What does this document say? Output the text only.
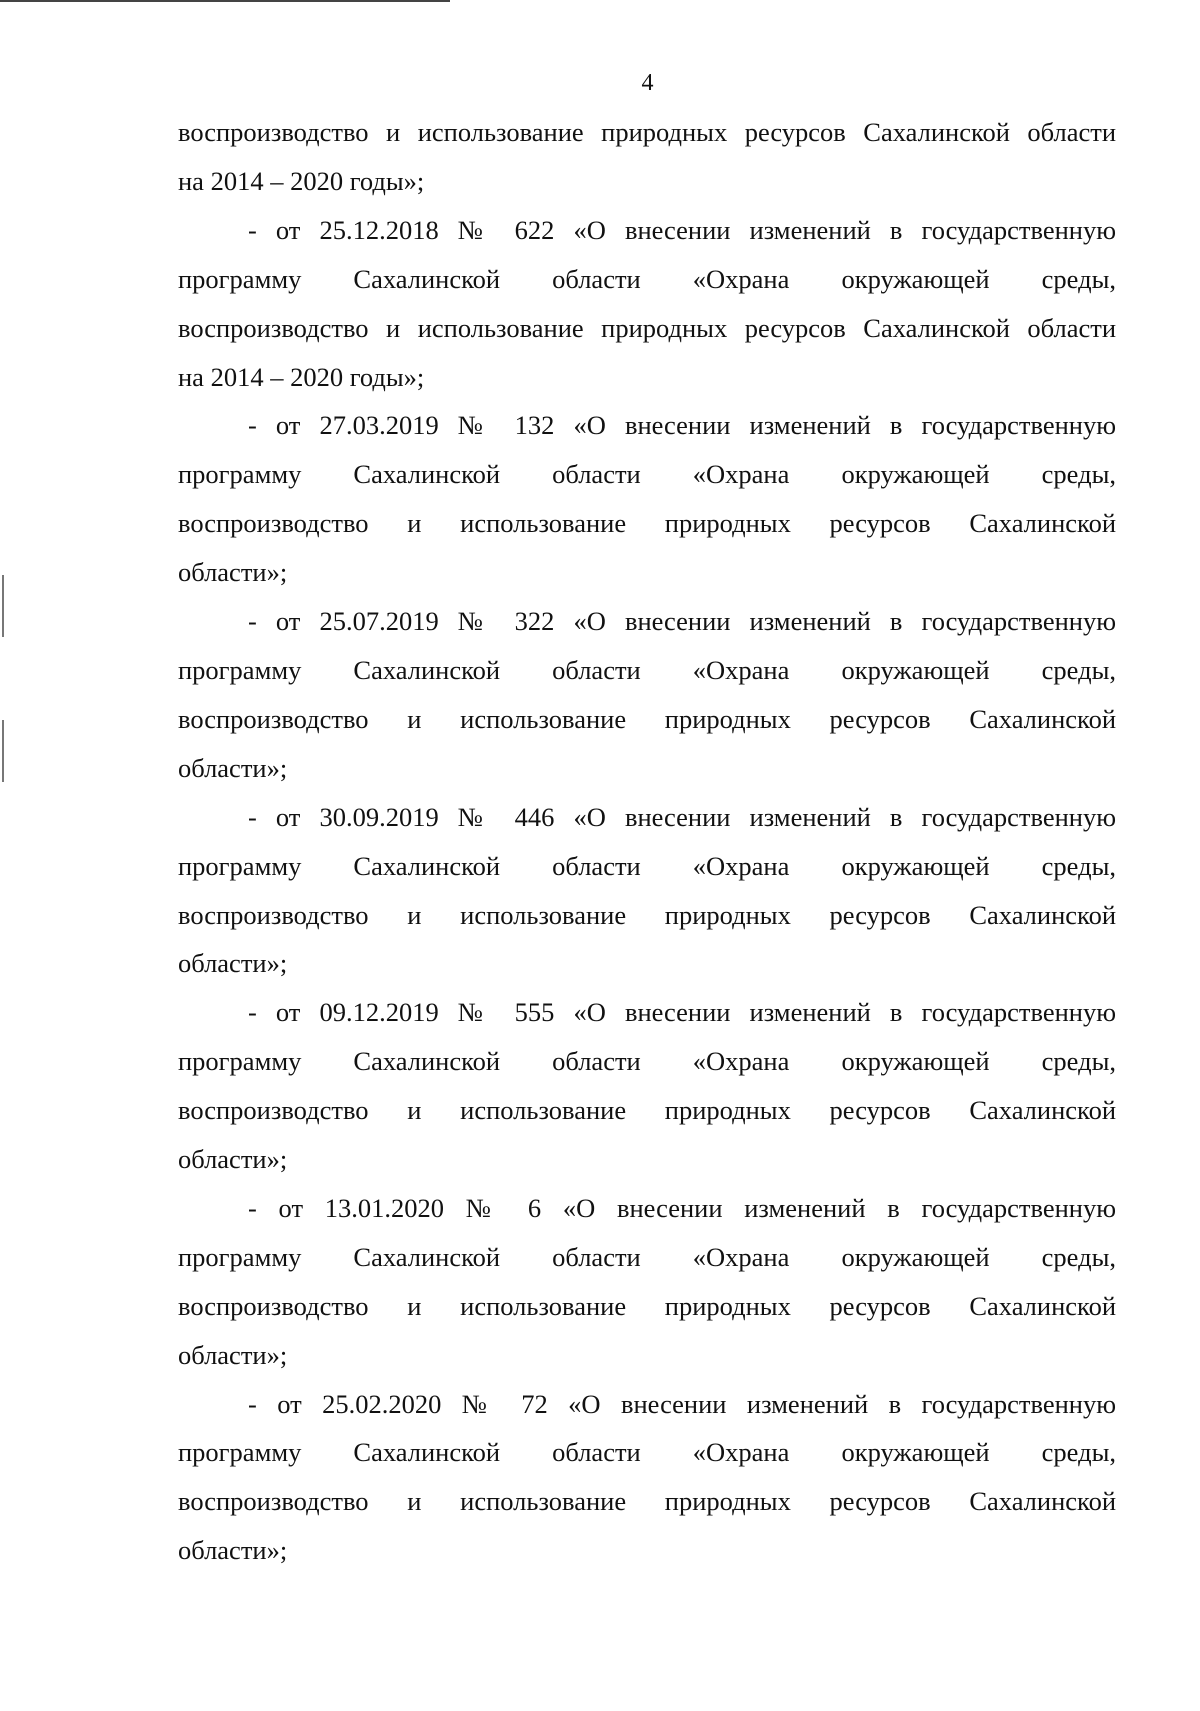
4

воспроизводство и использование природных ресурсов Сахалинской области
на 2014 – 2020 годы»;

- от 25.12.2018 № 622 «О внесении изменений в государственную
программу Сахалинской области «Охрана окружающей среды,
воспроизводство и использование природных ресурсов Сахалинской области
на 2014 – 2020 годы»;

- от 27.03.2019 № 132 «О внесении изменений в государственную
программу Сахалинской области «Охрана окружающей среды,
воспроизводство и использование природных ресурсов Сахалинской
области»;

- от 25.07.2019 № 322 «О внесении изменений в государственную
программу Сахалинской области «Охрана окружающей среды,
воспроизводство и использование природных ресурсов Сахалинской
области»;

- от 30.09.2019 № 446 «О внесении изменений в государственную
программу Сахалинской области «Охрана окружающей среды,
воспроизводство и использование природных ресурсов Сахалинской
области»;

- от 09.12.2019 № 555 «О внесении изменений в государственную
программу Сахалинской области «Охрана окружающей среды,
воспроизводство и использование природных ресурсов Сахалинской
области»;

- от 13.01.2020 № 6 «О внесении изменений в государственную
программу Сахалинской области «Охрана окружающей среды,
воспроизводство и использование природных ресурсов Сахалинской
области»;

- от 25.02.2020 № 72 «О внесении изменений в государственную
программу Сахалинской области «Охрана окружающей среды,
воспроизводство и использование природных ресурсов Сахалинской
области»;
